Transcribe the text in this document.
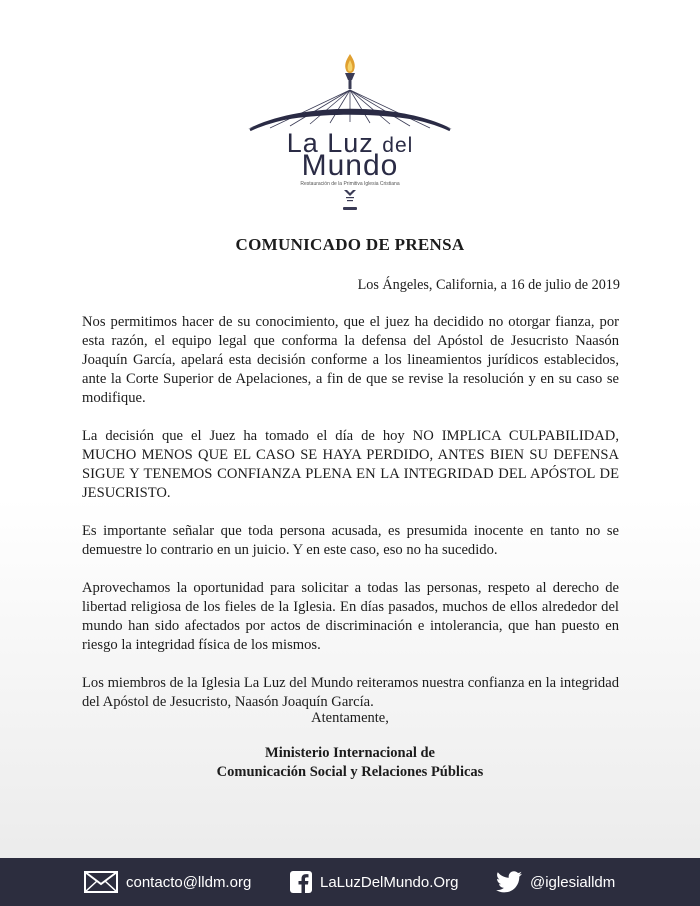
La Luz del
Mundo
Restauración de la Primitiva Iglesia Cristiana
COMUNICADO DE PRENSA
Los Ángeles, California, a 16 de julio de 2019

Nos permitimos hacer de su conocimiento, que el juez ha decidido no otorgar fianza, por esta razón, el equipo legal que conforma la defensa del Apóstol de Jesucristo Naasón Joaquín García, apelará esta decisión conforme a los lineamientos jurídicos establecidos, ante la Corte Superior de Apelaciones, a fin de que se revise la resolución y en su caso se modifique.

La decisión que el Juez ha tomado el día de hoy NO IMPLICA CULPABILIDAD, MUCHO MENOS QUE EL CASO SE HAYA PERDIDO, ANTES BIEN SU DEFENSA SIGUE Y TENEMOS CONFIANZA PLENA EN LA INTEGRIDAD DEL APÓSTOL DE JESUCRISTO.

Es importante señalar que toda persona acusada, es presumida inocente en tanto no se demuestre lo contrario en un juicio. Y en este caso, eso no ha sucedido.

Aprovechamos la oportunidad para solicitar a todas las personas, respeto al derecho de libertad religiosa de los fieles de la Iglesia. En días pasados, muchos de ellos alrededor del mundo han sido afectados por actos de discriminación e intolerancia, que han puesto en riesgo la integridad física de los mismos.

Los miembros de la Iglesia La Luz del Mundo reiteramos nuestra confianza en la integridad del Apóstol de Jesucristo, Naasón Joaquín García.

Atentamente,
Ministerio Internacional de
Comunicación Social y Relaciones Públicas
contacto@lldm.org	LaLuzDelMundo.Org	@iglesialldm
